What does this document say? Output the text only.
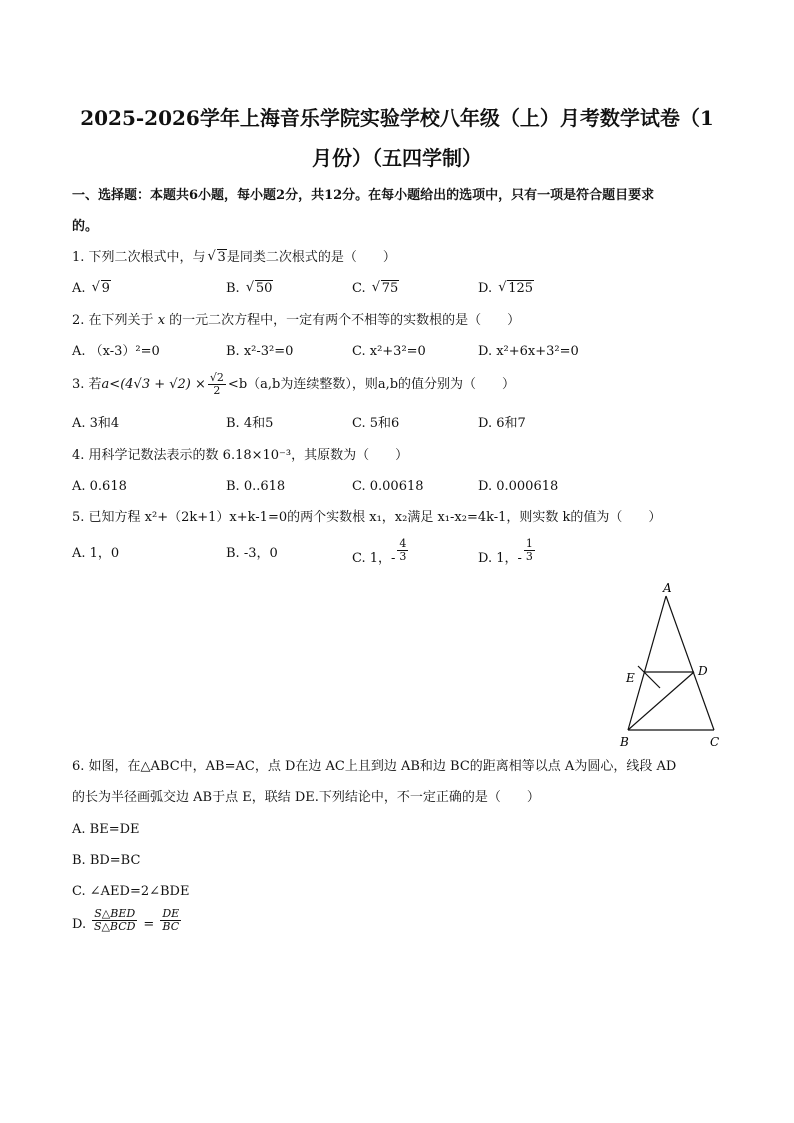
2025-2026学年上海音乐学院实验学校八年级（上）月考数学试卷（1
月份）（五四学制）
一、选择题：本题共6小题，每小题2分，共12分。在每小题给出的选项中，只有一项是符合题目要求
的。
1. 下列二次根式中，与 √ 3是同类二次根式的是（　　）
A. √ 9	B. √ 50	C. √ 75	D. √ 125
2. 在下列关于 x 的一元二次方程中，一定有两个不相等的实数根的是（　　）
A. （x-3）²=0	B. x²-3²=0	C. x²+3²=0	D. x²+6x+3²=0
3. 若$a<(4√3 + √2) \times \frac{√2}{2} <b(a,b$为连续整数），则a,b的值分别为（　　）
A. 3和4	B. 4和5	C. 5和6	D. 6和7
4. 用科学记数法表示的数 6.18×10⁻³，其原数为（　　）
A. 0.618	B. 0..618	C. 0.00618	D. 0.000618
5. 已知方程 x²+（2k+1）x+k-1=0的两个实数根 x₁，x₂满足 x₁-x₂=4k-1，则实数 k的值为（　　）
A. 1，0	B. -3，0	C. 1，- $\frac{4}{3}$	D. 1，- $\frac{1}{3}$
A
E	D
B	C
6. 如图，在△ABC中，AB=AC，点 D在边 AC上且到边 AB和边 BC的距离相等以点 A为圆心，线段 AD
的长为半径画弧交边 AB于点 E，联结 DE.下列结论中，不一定正确的是（　　）
A. BE=DE
B. BD=BC
C. ∠AED=2∠BDE
D. $\frac{\text{S△BED}}{\text{S△BCD}} = \frac{DE}{BC}$
